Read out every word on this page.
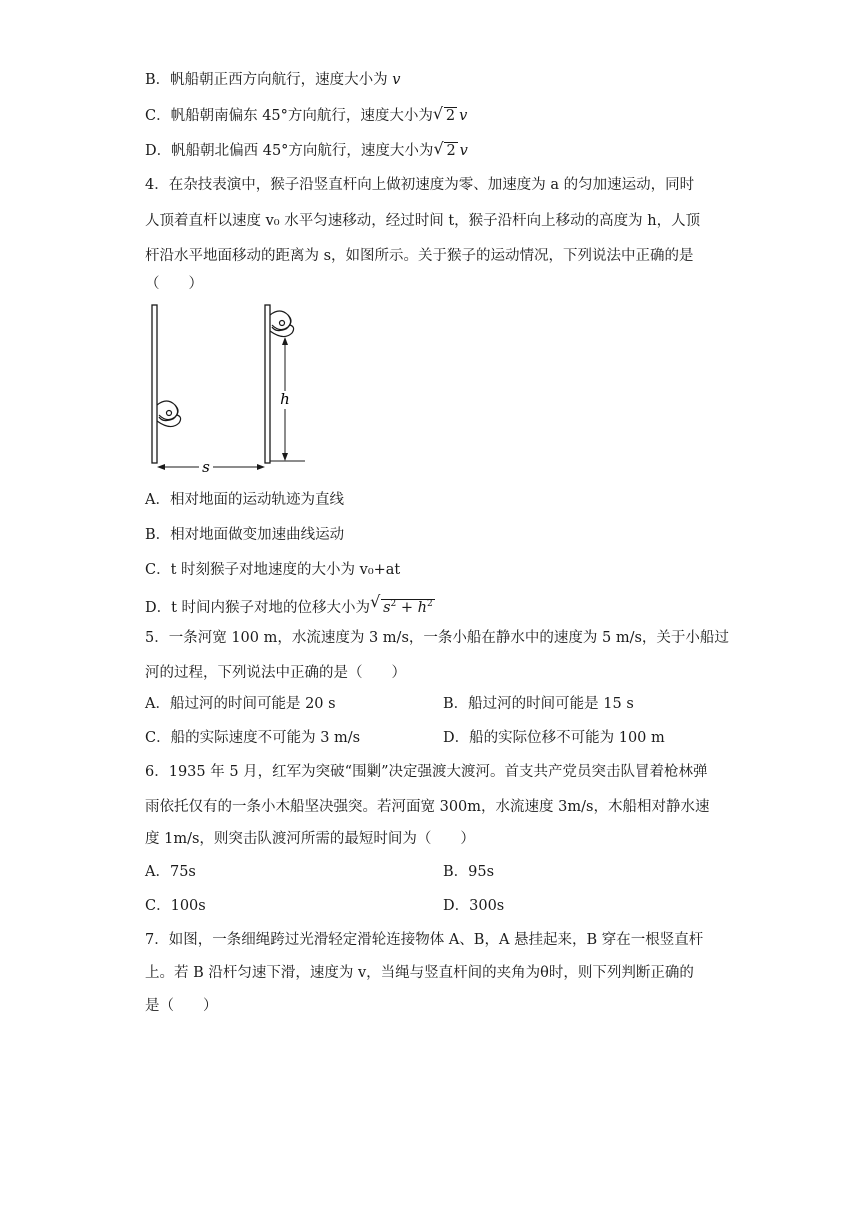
B．帆船朝正西方向航行，速度大小为 v
C．帆船朝南偏东 45°方向航行，速度大小为 √ 2 v
D．帆船朝北偏西 45°方向航行，速度大小为 √ 2 v
4．在杂技表演中，猴子沿竖直杆向上做初速度为零、加速度为 a 的匀加速运动，同时
人顶着直杆以速度 v₀ 水平匀速移动，经过时间 t，猴子沿杆向上移动的高度为 h，人顶
杆沿水平地面移动的距离为 s，如图所示。关于猴子的运动情况，下列说法中正确的是
（　　）
h
s
A．相对地面的运动轨迹为直线
B．相对地面做变加速曲线运动
C．t 时刻猴子对地速度的大小为 v₀+at
D．t 时间内猴子对地的位移大小为 √ $s^2 + h^2$
5．一条河宽 100 m，水流速度为 3 m/s，一条小船在静水中的速度为 5 m/s，关于小船过
河的过程，下列说法中正确的是（　　）
A．船过河的时间可能是 20 s	B．船过河的时间可能是 15 s
C．船的实际速度不可能为 3 m/s	D．船的实际位移不可能为 100 m
6．1935 年 5 月，红军为突破“围剿”决定强渡大渡河。首支共产党员突击队冒着枪林弹
雨依托仅有的一条小木船坚决强突。若河面宽 300m，水流速度 3m/s，木船相对静水速
度 1m/s，则突击队渡河所需的最短时间为（　　）
A．75s	B．95s
C．100s	D．300s
7．如图，一条细绳跨过光滑轻定滑轮连接物体 A、B，A 悬挂起来，B 穿在一根竖直杆
上。若 B 沿杆匀速下滑，速度为 v，当绳与竖直杆间的夹角为θ时，则下列判断正确的
是（　　）
